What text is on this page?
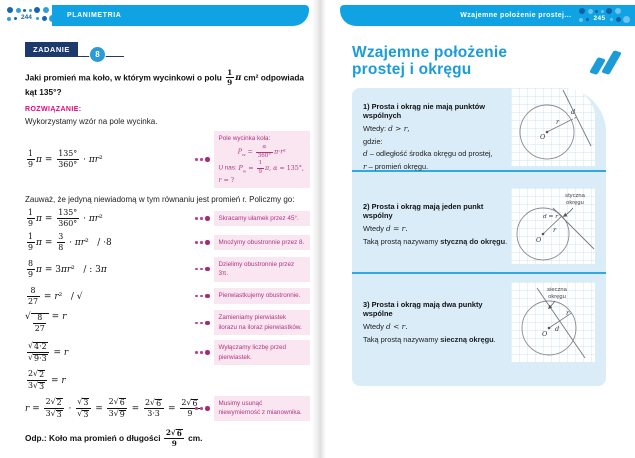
244	PLANIMETRIA
ZADANIE
8
Jaki promień ma koło, w którym wycinkowi o polu $\frac{1}{9}$ π cm² odpowiada kąt 135°?
ROZWIĄZANIE:
Wykorzystamy wzór na pole wycinka.
$\frac{1}{9}$ $\pi = \frac{135^\circ}{360^\circ} \cdot \pi r^2$
Pole wycinka koła:
$P_w = \frac{\alpha}{360^\circ} \pi\cdot r^2$
U nas: $P_w = \frac{1}{9} \pi$, α = 135°, r = ?
Zauważ, że jedyną niewiadomą w tym równaniu jest promień r. Policzmy go:
$\frac{1}{9}$ $\pi = \frac{135^\circ}{360^\circ} \cdot \pi r^2$	Skracamy ułamek przez 45°.
$\frac{1}{9}$ $\pi = \frac{3}{8} \cdot \pi r^2 / \cdot 8$	Mnożymy obustronnie przez 8.
$\frac{8}{9}$ π = 3πr²   / : 3π
Dzielimy obustronnie przez 3π.
$\frac{8}{27} = r^2$   / √	Pierwiastkujemy obustronnie.
√ $\frac{8}{27} = r$	Zamieniamy pierwiastek ilorazu na iloraz pierwiastków.
$\frac{√ 4\cdot 2}{√ 9\cdot 3} = r$
Wyłączamy liczbę przed pierwiastek.
$\frac{2 √ 2}{3 √ 3} = r$
$r = \frac{2 √ 2}{3 √ 3} \cdot \frac{√ 3}{√ 3} = \frac{2 √ 6}{3 √ 9} = \frac{2 √ 6}{3\cdot 3} = \frac{2 √ 6}{9}$	Musimy usunąć niewymierność z mianownika.
Odp.: Koło ma promień o długości $\frac{2 √ 6}{9}$ cm.
Wzajemne położenie prostej...	245
Wzajemne położenie
prostej i okręgu
1) Prosta i okrąg nie mają punktów wspólnych
Wtedy: d > r,
gdzie:
d – odległość środka okręgu od prostej,
r – promień okręgu.
O
r
d
2) Prosta i okrąg mają jeden punkt wspólny
Wtedy d = r.
Taką prostą nazywamy styczną do okręgu.
styczna
okręgu
d = r
r
O
3) Prosta i okrąg mają dwa punkty wspólne
Wtedy d < r.
Taką prostą nazywamy sieczną okręgu.
sieczna
okręgu
d
r
O
